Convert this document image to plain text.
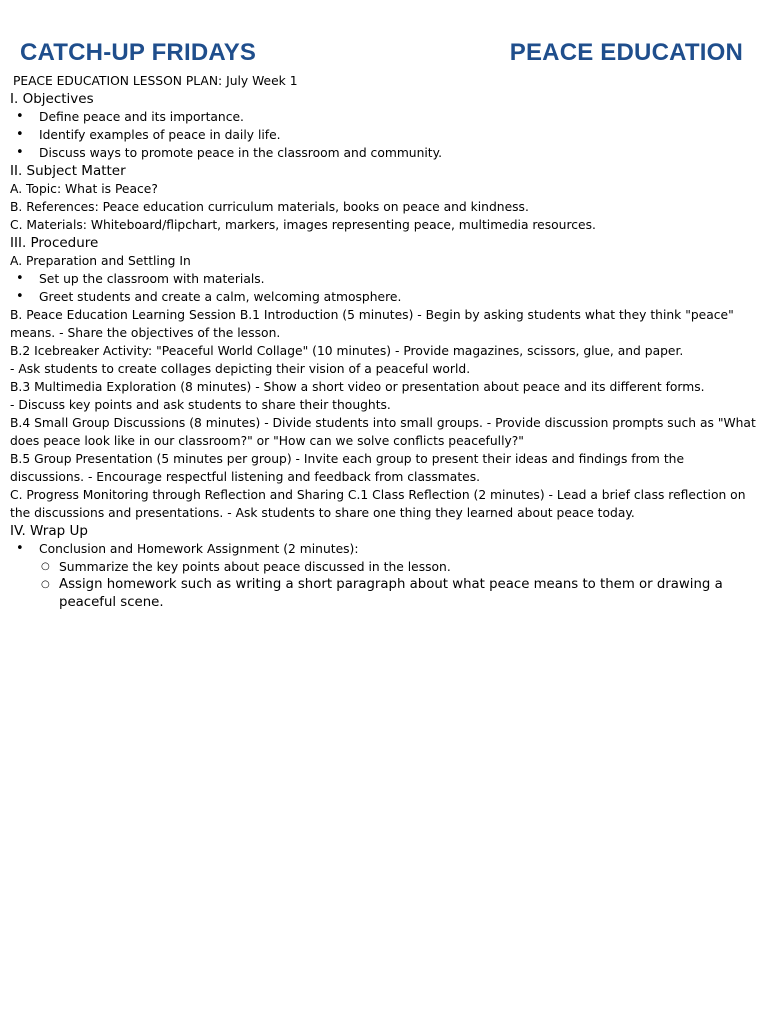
CATCH-UP FRIDAYS	PEACE EDUCATION

PEACE EDUCATION LESSON PLAN: July Week 1

I. Objectives

• Define peace and its importance.
• Identify examples of peace in daily life.
• Discuss ways to promote peace in the classroom and community.

II. Subject Matter

A. Topic: What is Peace?

B. References: Peace education curriculum materials, books on peace and kindness.

C. Materials: Whiteboard/flipchart, markers, images representing peace, multimedia resources.

III. Procedure

A. Preparation and Settling In

• Set up the classroom with materials.
• Greet students and create a calm, welcoming atmosphere.

B. Peace Education Learning Session B.1 Introduction (5 minutes) - Begin by asking students what they think "peace" means. - Share the objectives of the lesson.

B.2 Icebreaker Activity: "Peaceful World Collage" (10 minutes) - Provide magazines, scissors, glue, and paper.

- Ask students to create collages depicting their vision of a peaceful world.

B.3 Multimedia Exploration (8 minutes) - Show a short video or presentation about peace and its different forms.

- Discuss key points and ask students to share their thoughts.

B.4 Small Group Discussions (8 minutes) - Divide students into small groups. - Provide discussion prompts such as "What does peace look like in our classroom?" or "How can we solve conflicts peacefully?"

B.5 Group Presentation (5 minutes per group) - Invite each group to present their ideas and findings from the discussions. - Encourage respectful listening and feedback from classmates.

C. Progress Monitoring through Reflection and Sharing C.1 Class Reflection (2 minutes) - Lead a brief class reflection on the discussions and presentations. - Ask students to share one thing they learned about peace today.

IV. Wrap Up

• Conclusion and Homework Assignment (2 minutes):
○ Summarize the key points about peace discussed in the lesson.
○ Assign homework such as writing a short paragraph about what peace means to them or drawing a peaceful scene.
